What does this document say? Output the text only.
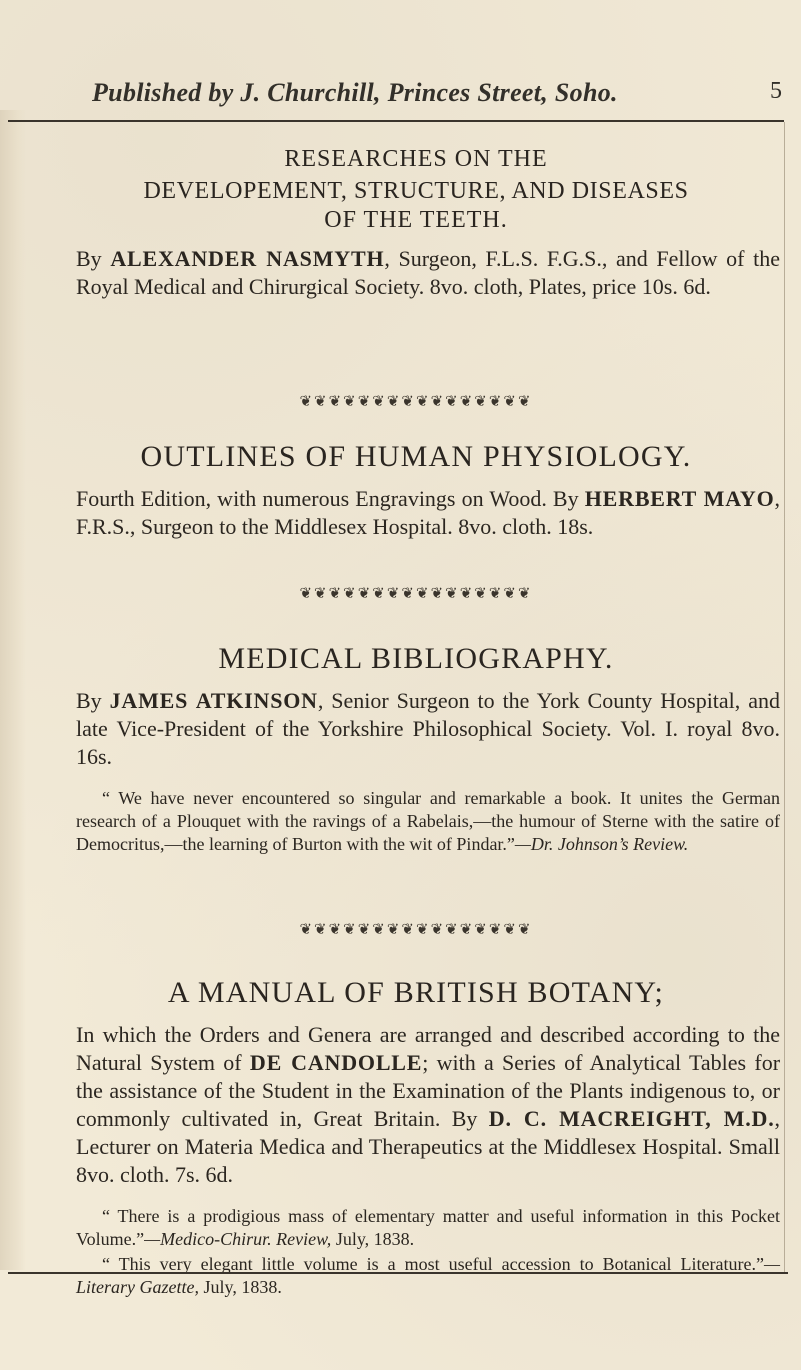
Published by J. Churchill, Princes Street, Soho.	5
RESEARCHES ON THE
DEVELOPEMENT, STRUCTURE, AND DISEASES
OF THE TEETH.
By ALEXANDER NASMYTH, Surgeon, F.L.S. F.G.S., and Fellow of the Royal Medical and Chirurgical Society. 8vo. cloth, Plates, price 10s. 6d.
❦❦❦❦❦❦❦❦❦❦❦❦❦❦❦❦
OUTLINES OF HUMAN PHYSIOLOGY.
Fourth Edition, with numerous Engravings on Wood. By HERBERT MAYO, F.R.S., Surgeon to the Middlesex Hospital. 8vo. cloth. 18s.
❦❦❦❦❦❦❦❦❦❦❦❦❦❦❦❦
MEDICAL BIBLIOGRAPHY.
By JAMES ATKINSON, Senior Surgeon to the York County Hospital, and late Vice-President of the Yorkshire Philosophical Society. Vol. I. royal 8vo. 16s.
“ We have never encountered so singular and remarkable a book. It unites the German research of a Plouquet with the ravings of a Rabelais,—the humour of Sterne with the satire of Democritus,—the learning of Burton with the wit of Pindar.”—Dr. Johnson’s Review.
❦❦❦❦❦❦❦❦❦❦❦❦❦❦❦❦
A MANUAL OF BRITISH BOTANY;
In which the Orders and Genera are arranged and described according to the Natural System of DE CANDOLLE; with a Series of Analytical Tables for the assistance of the Student in the Examination of the Plants indigenous to, or commonly cultivated in, Great Britain. By D. C. MACREIGHT, M.D., Lecturer on Materia Medica and Therapeutics at the Middlesex Hospital. Small 8vo. cloth. 7s. 6d.
“ There is a prodigious mass of elementary matter and useful information in this Pocket Volume.”—Medico-Chirur. Review, July, 1838.
“ This very elegant little volume is a most useful accession to Botanical Literature.”—Literary Gazette, July, 1838.
